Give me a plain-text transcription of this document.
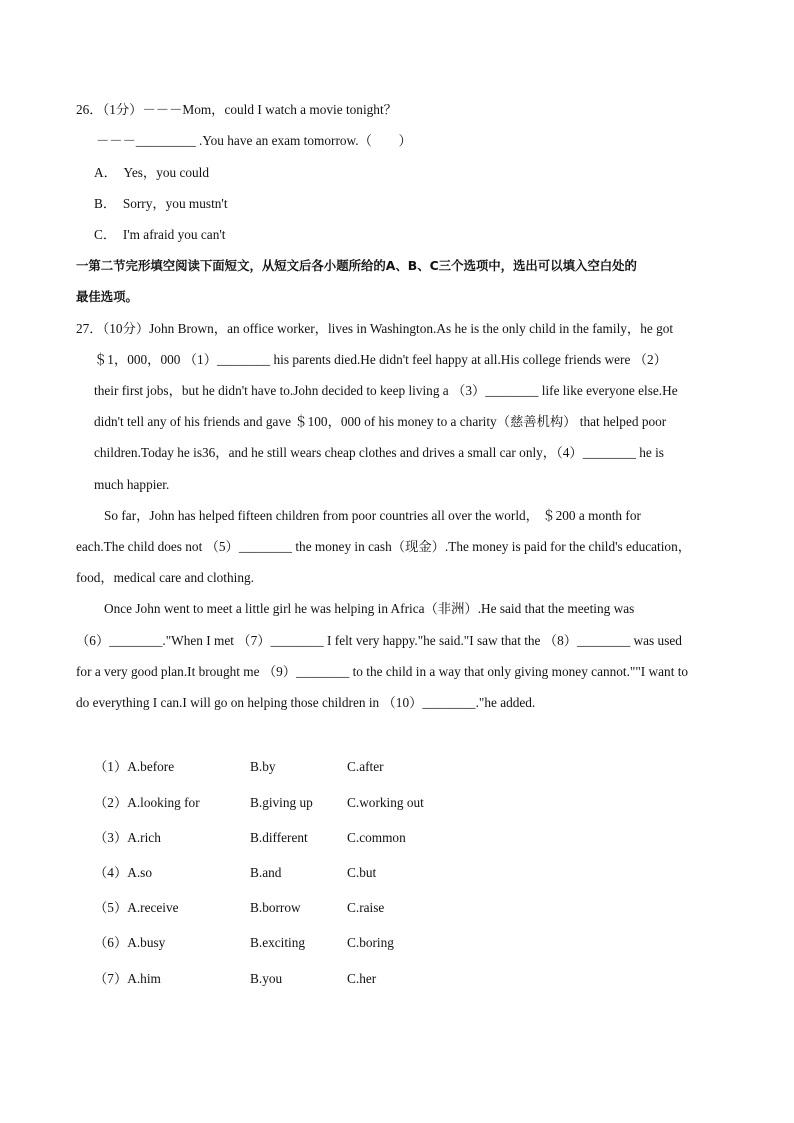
26．（1分）－－－Mom，could I watch a movie tonight？
－－－_________ .You have an exam tomorrow.（　　）
A．　Yes，you could
B．　Sorry，you mustn't
C．　I'm afraid you can't
一第二节完形填空阅读下面短文，从短文后各小题所给的A、B、C三个选项中，选出可以填入空白处的
最佳选项。
27．（10分）John Brown，an office worker，lives in Washington.As he is the only child in the family，he got
＄1，000，000 （1）________ his parents died.He didn't feel happy at all.His college friends were （2）
their first jobs，but he didn't have to.John decided to keep living a （3）________ life like everyone else.He
didn't tell any of his friends and gave ＄100，000 of his money to a charity（慈善机构） that helped poor
children.Today he is36，and he still wears cheap clothes and drives a small car only，（4）________ he is
much happier.
So far，John has helped fifteen children from poor countries all over the world， ＄200 a month for
each.The child does not （5）________ the money in cash（现金）.The money is paid for the child's education，
food，medical care and clothing.
Once John went to meet a little girl he was helping in Africa（非洲）.He said that the meeting was
（6）________."When I met （7）________ I felt very happy."he said."I saw that the （8）________ was used
for a very good plan.It brought me （9）________ to the child in a way that only giving money cannot.""I want to
do everything I can.I will go on helping those children in （10）________."he added.
（1）A.before	B.by	C.after
（2）A.looking for	B.giving up	C.working out
（3）A.rich	B.different	C.common
（4）A.so	B.and	C.but
（5）A.receive	B.borrow	C.raise
（6）A.busy	B.exciting	C.boring
（7）A.him	B.you	C.her
